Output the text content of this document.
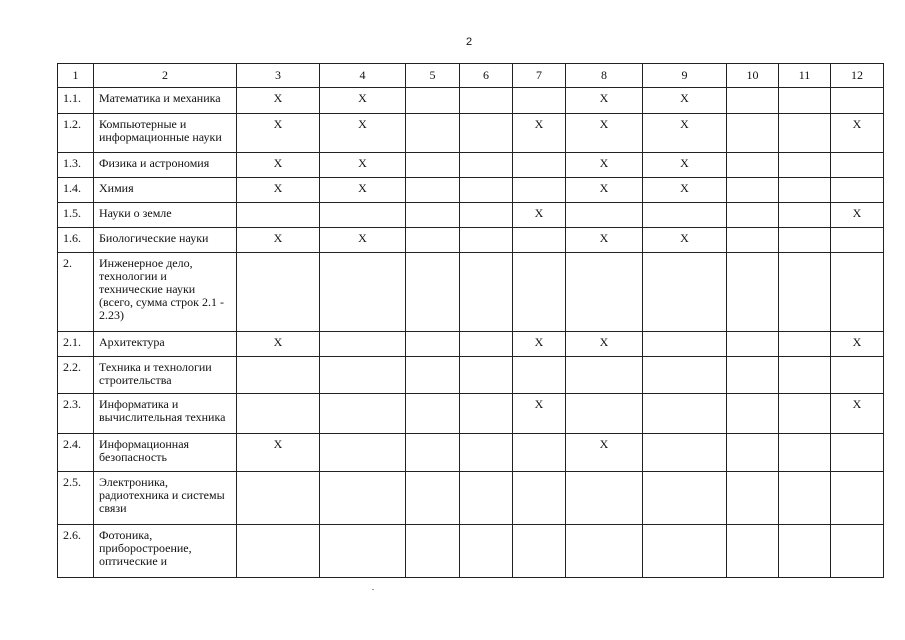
2
1	2	3	4	5	6	7	8	9	10	11	12
1.1.	Математика и механика	X	X				X	X			
1.2.	Компьютерные и информационные науки	X	X			X	X	X			X
1.3.	Физика и астрономия	X	X				X	X			
1.4.	Химия	X	X				X	X			
1.5.	Науки о земле					X					X
1.6.	Биологические науки	X	X				X	X			
2.	Инженерное дело, технологии и технические науки (всего, сумма строк 2.1 - 2.23)										
2.1.	Архитектура	X				X	X				X
2.2.	Техника и технологии строительства										
2.3.	Информатика и вычислительная техника					X					X
2.4.	Информационная безопасность	X					X				
2.5.	Электроника, радиотехника и системы связи										
2.6.	Фотоника, приборостроение, оптические и										
